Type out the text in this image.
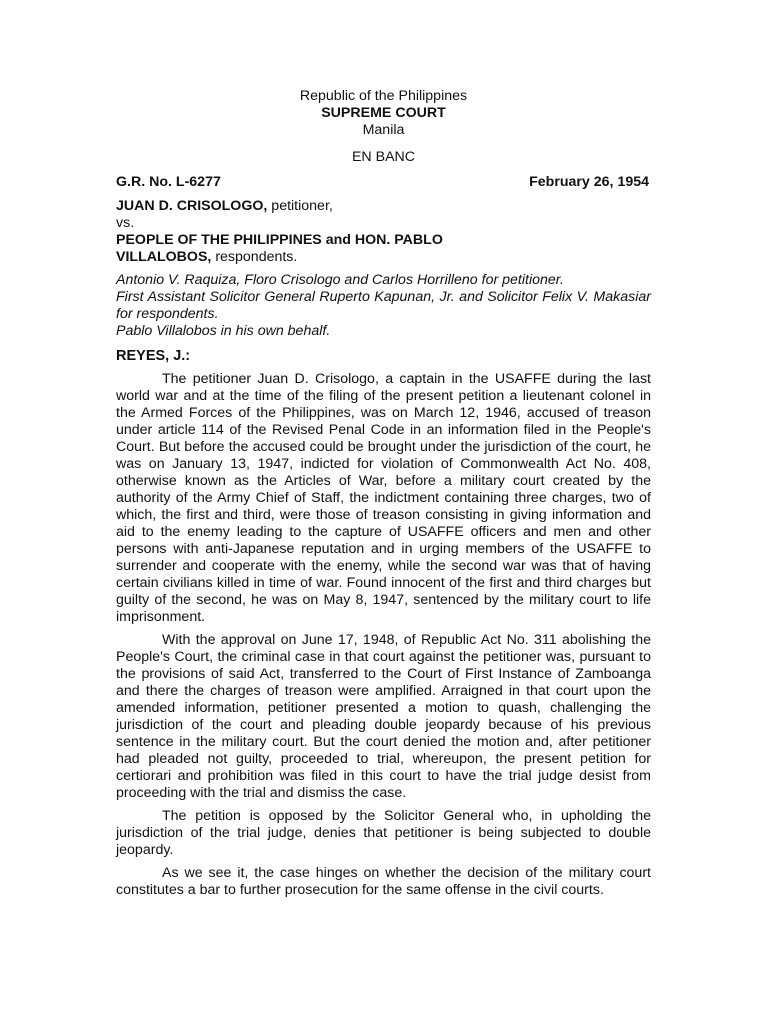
Republic of the Philippines
SUPREME COURT
Manila
EN BANC
G.R. No. L-6277	February 26, 1954
JUAN D. CRISOLOGO, petitioner,
vs.
PEOPLE OF THE PHILIPPINES and HON. PABLO
VILLALOBOS, respondents.
Antonio V. Raquiza, Floro Crisologo and Carlos Horrilleno for petitioner.
First Assistant Solicitor General Ruperto Kapunan, Jr. and Solicitor Felix V. Makasiar for respondents.
Pablo Villalobos in his own behalf.
REYES, J.:

The petitioner Juan D. Crisologo, a captain in the USAFFE during the last world war and at the time of the filing of the present petition a lieutenant colonel in the Armed Forces of the Philippines, was on March 12, 1946, accused of treason under article 114 of the Revised Penal Code in an information filed in the People's Court. But before the accused could be brought under the jurisdiction of the court, he was on January 13, 1947, indicted for violation of Commonwealth Act No. 408, otherwise known as the Articles of War, before a military court created by the authority of the Army Chief of Staff, the indictment containing three charges, two of which, the first and third, were those of treason consisting in giving information and aid to the enemy leading to the capture of USAFFE officers and men and other persons with anti-Japanese reputation and in urging members of the USAFFE to surrender and cooperate with the enemy, while the second war was that of having certain civilians killed in time of war. Found innocent of the first and third charges but guilty of the second, he was on May 8, 1947, sentenced by the military court to life imprisonment.

With the approval on June 17, 1948, of Republic Act No. 311 abolishing the People's Court, the criminal case in that court against the petitioner was, pursuant to the provisions of said Act, transferred to the Court of First Instance of Zamboanga and there the charges of treason were amplified. Arraigned in that court upon the amended information, petitioner presented a motion to quash, challenging the jurisdiction of the court and pleading double jeopardy because of his previous sentence in the military court. But the court denied the motion and, after petitioner had pleaded not guilty, proceeded to trial, whereupon, the present petition for certiorari and prohibition was filed in this court to have the trial judge desist from proceeding with the trial and dismiss the case.

The petition is opposed by the Solicitor General who, in upholding the jurisdiction of the trial judge, denies that petitioner is being subjected to double jeopardy.

As we see it, the case hinges on whether the decision of the military court constitutes a bar to further prosecution for the same offense in the civil courts.
